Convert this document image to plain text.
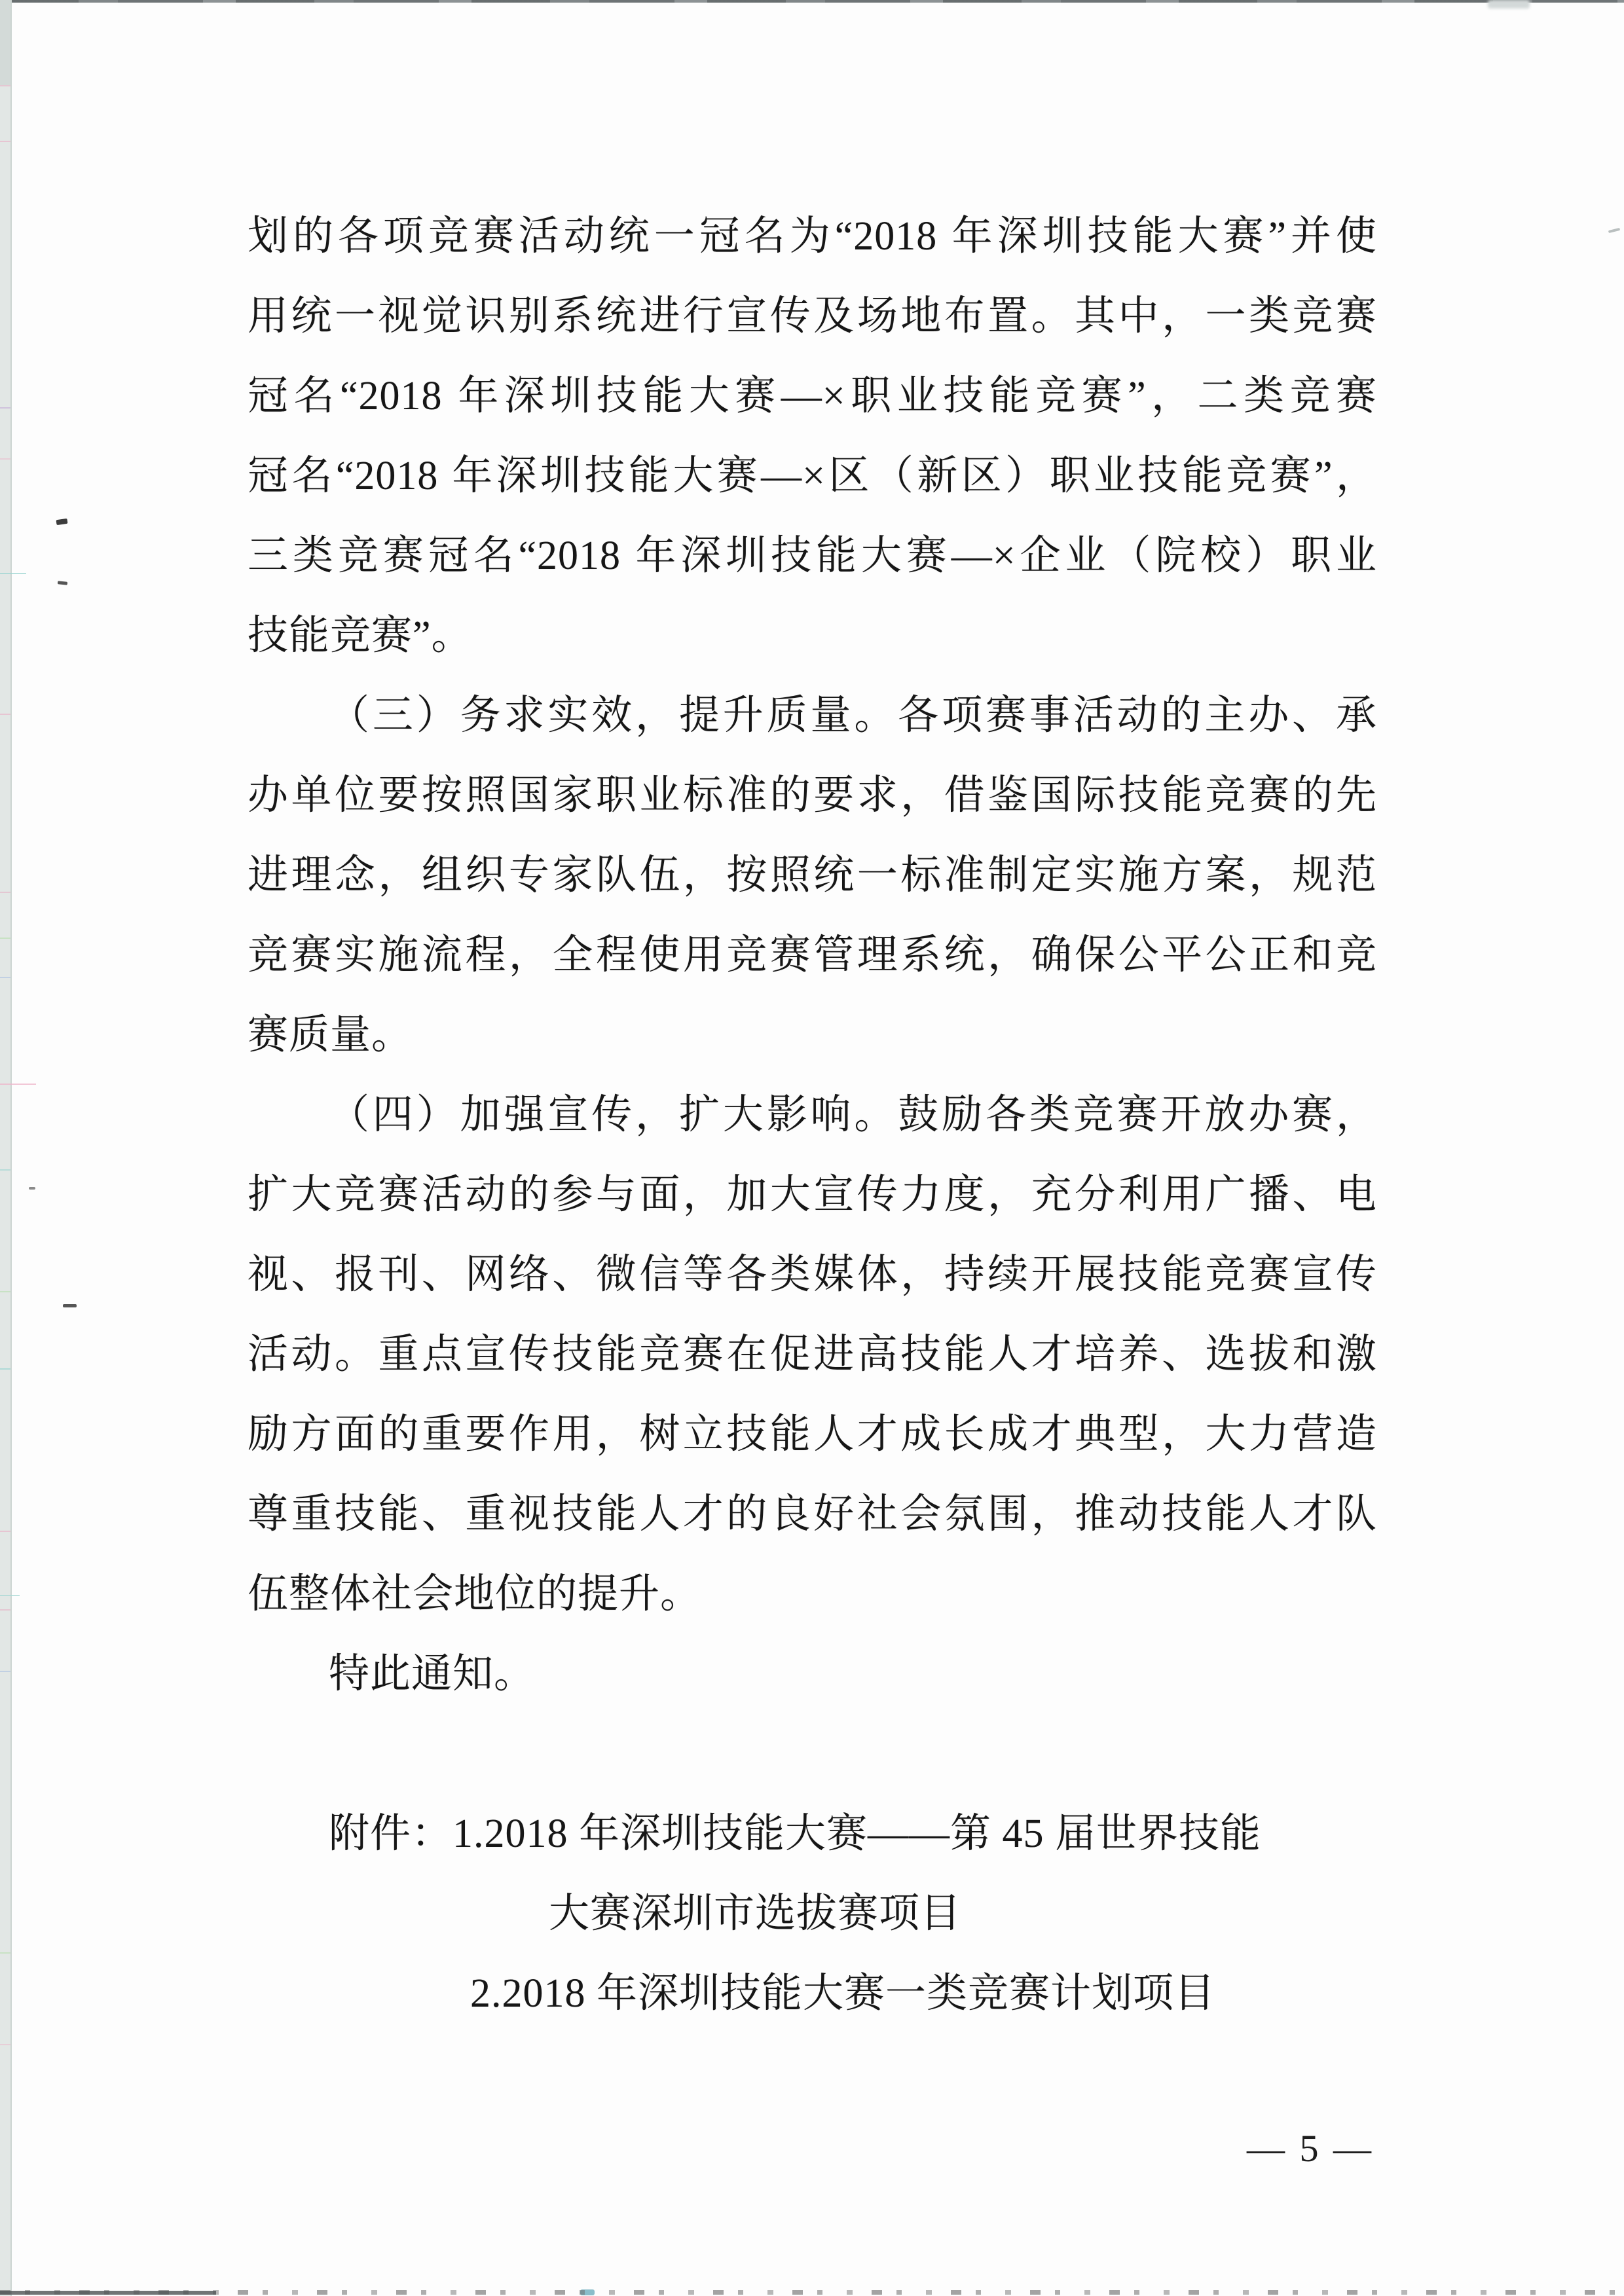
划的各项竞赛活动统一冠名为“2018 年深圳技能大赛”并使
用统一视觉识别系统进行宣传及场地布置。其中，一类竞赛
冠名“2018 年深圳技能大赛—×职业技能竞赛”，二类竞赛
冠名“2018 年深圳技能大赛—×区（新区）职业技能竞赛”，
三类竞赛冠名“2018 年深圳技能大赛—×企业（院校）职业
技能竞赛”。
（三）务求实效，提升质量。各项赛事活动的主办、承
办单位要按照国家职业标准的要求，借鉴国际技能竞赛的先
进理念，组织专家队伍，按照统一标准制定实施方案，规范
竞赛实施流程，全程使用竞赛管理系统，确保公平公正和竞
赛质量。
（四）加强宣传，扩大影响。鼓励各类竞赛开放办赛，
扩大竞赛活动的参与面，加大宣传力度，充分利用广播、电
视、报刊、网络、微信等各类媒体，持续开展技能竞赛宣传
活动。重点宣传技能竞赛在促进高技能人才培养、选拔和激
励方面的重要作用，树立技能人才成长成才典型，大力营造
尊重技能、重视技能人才的良好社会氛围，推动技能人才队
伍整体社会地位的提升。
特此通知。
附件：1.2018 年深圳技能大赛——第 45 届世界技能
大赛深圳市选拔赛项目
2.2018 年深圳技能大赛一类竞赛计划项目
— 5 —
